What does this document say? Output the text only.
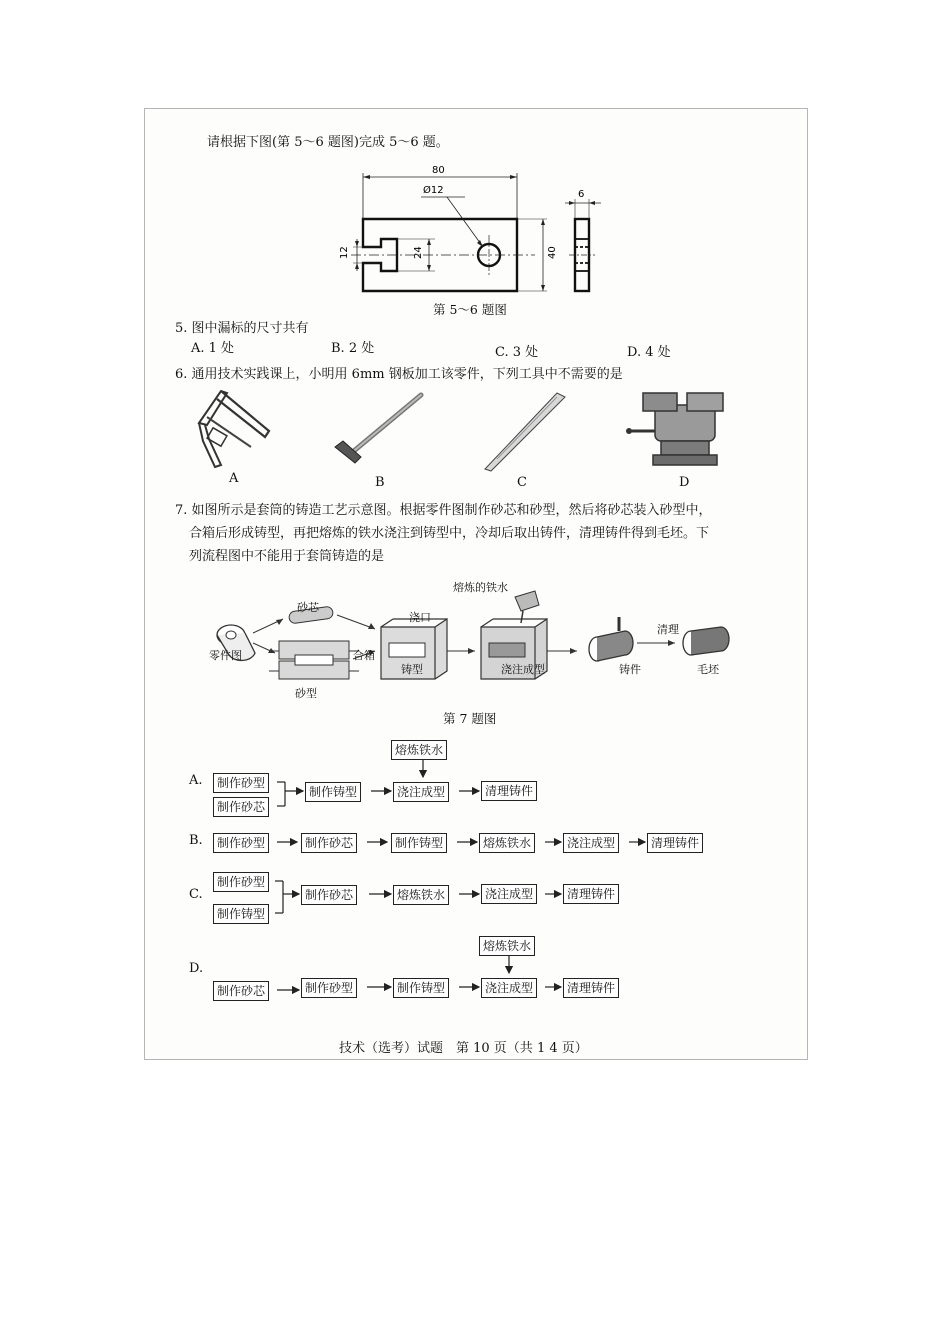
请根据下图(第 5～6 题图)完成 5～6 题。
80
Ø12
12	24	40
6
第 5～6 题图
5. 图中漏标的尺寸共有
A. 1 处	B. 2 处	C. 3 处	D. 4 处
6. 通用技术实践课上，小明用 6mm 钢板加工该零件，下列工具中不需要的是
A	B	C	D
7. 如图所示是套筒的铸造工艺示意图。根据零件图制作砂芯和砂型，然后将砂芯装入砂型中，
合箱后形成铸型，再把熔炼的铁水浇注到铸型中，冷却后取出铸件，清理铸件得到毛坯。下
列流程图中不能用于套筒铸造的是
熔炼的铁水
砂芯
浇口
零件图	合箱
铸型	浇注成型	铸件
清理
毛坯
砂型
第 7 题图
A.
熔炼铁水
制作砂型
制作砂芯
制作铸型	浇注成型	清理铸件
B.	制作砂型	制作砂芯	制作铸型	熔炼铁水	浇注成型	清理铸件
C.
制作砂型
制作铸型
制作砂芯	熔炼铁水	浇注成型	清理铸件
D.
熔炼铁水
制作砂芯	制作砂型	制作铸型	浇注成型	清理铸件
技术（选考）试题　第 10 页（共 1 4 页）
